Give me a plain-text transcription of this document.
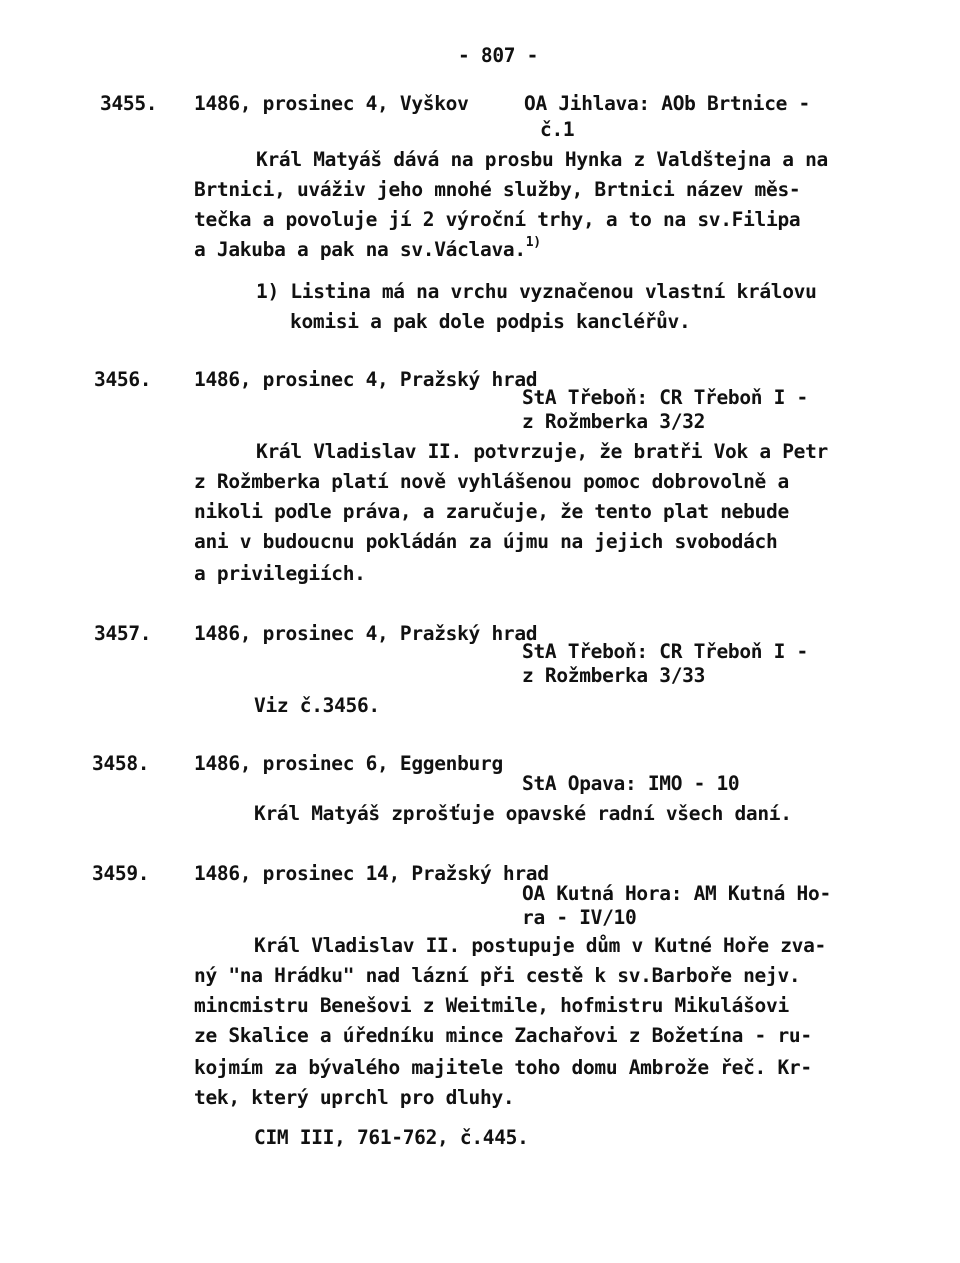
- 807 -
3455. 1486, prosinec 4, Vyškov	OA Jihlava: AOb Brtnice -
č.1
Král Matyáš dává na prosbu Hynka z Valdštejna a na
Brtnici, uváživ jeho mnohé služby, Brtnici název měs-
tečka a povoluje jí 2 výroční trhy, a to na sv.Filipa
a Jakuba a pak na sv.Václava.$^{1)}$
1) Listina má na vrchu vyznačenou vlastní královu
komisi a pak dole podpis kancléřův.
3456. 1486, prosinec 4, Pražský hrad
StA Třeboň: CR Třeboň I -
z Rožmberka 3/32
Král Vladislav II. potvrzuje, že bratři Vok a Petr
z Rožmberka platí nově vyhlášenou pomoc dobrovolně a
nikoli podle práva, a zaručuje, že tento plat nebude
ani v budoucnu pokládán za újmu na jejich svobodách
a privilegiích.
3457. 1486, prosinec 4, Pražský hrad
StA Třeboň: CR Třeboň I -
z Rožmberka 3/33
Viz č.3456.
3458. 1486, prosinec 6, Eggenburg
StA Opava: IMO - 10
Král Matyáš zprošťuje opavské radní všech daní.
3459. 1486, prosinec 14, Pražský hrad
OA Kutná Hora: AM Kutná Ho-
ra - IV/10
Král Vladislav II. postupuje dům v Kutné Hoře zva-
ný "na Hrádku" nad lázní při cestě k sv.Barboře nejv.
mincmistru Benešovi z Weitmile, hofmistru Mikulášovi
ze Skalice a úředníku mince Zachařovi z Božetína - ru-
kojmím za bývalého majitele toho domu Ambrože řeč. Kr-
tek, který uprchl pro dluhy.
CIM III, 761-762, č.445.
